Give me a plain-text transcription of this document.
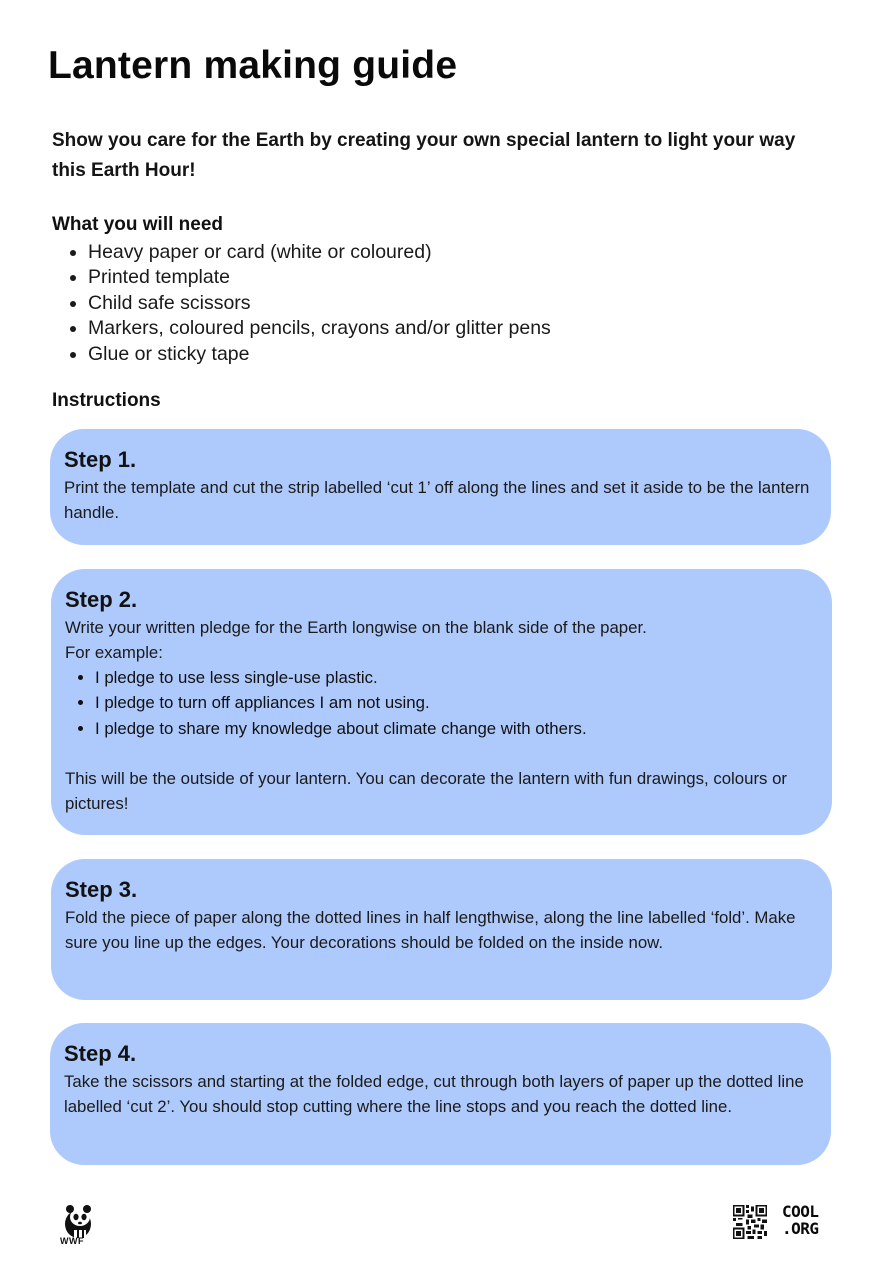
Lantern making guide

Show you care for the Earth by creating your own special lantern to light your way this Earth Hour!

What you will need
• Heavy paper or card (white or coloured)
• Printed template
• Child safe scissors
• Markers, coloured pencils, crayons and/or glitter pens
• Glue or sticky tape
Instructions
Step 1.

Print the template and cut the strip labelled ‘cut 1’ off along the lines and set it aside to be the lantern handle.

Step 2.

Write your written pledge for the Earth longwise on the blank side of the paper.

For example:

• I pledge to use less single-use plastic.
• I pledge to turn off appliances I am not using.
• I pledge to share my knowledge about climate change with others.

This will be the outside of your lantern. You can decorate the lantern with fun drawings, colours or pictures!

Step 3.

Fold the piece of paper along the dotted lines in half lengthwise, along the line labelled ‘fold’. Make sure you line up the edges. Your decorations should be folded on the inside now.

Step 4.

Take the scissors and starting at the folded edge, cut through both layers of paper up the dotted line labelled ‘cut 2’. You should stop cutting where the line stops and you reach the dotted line.

WWF
COOL
.ORG
